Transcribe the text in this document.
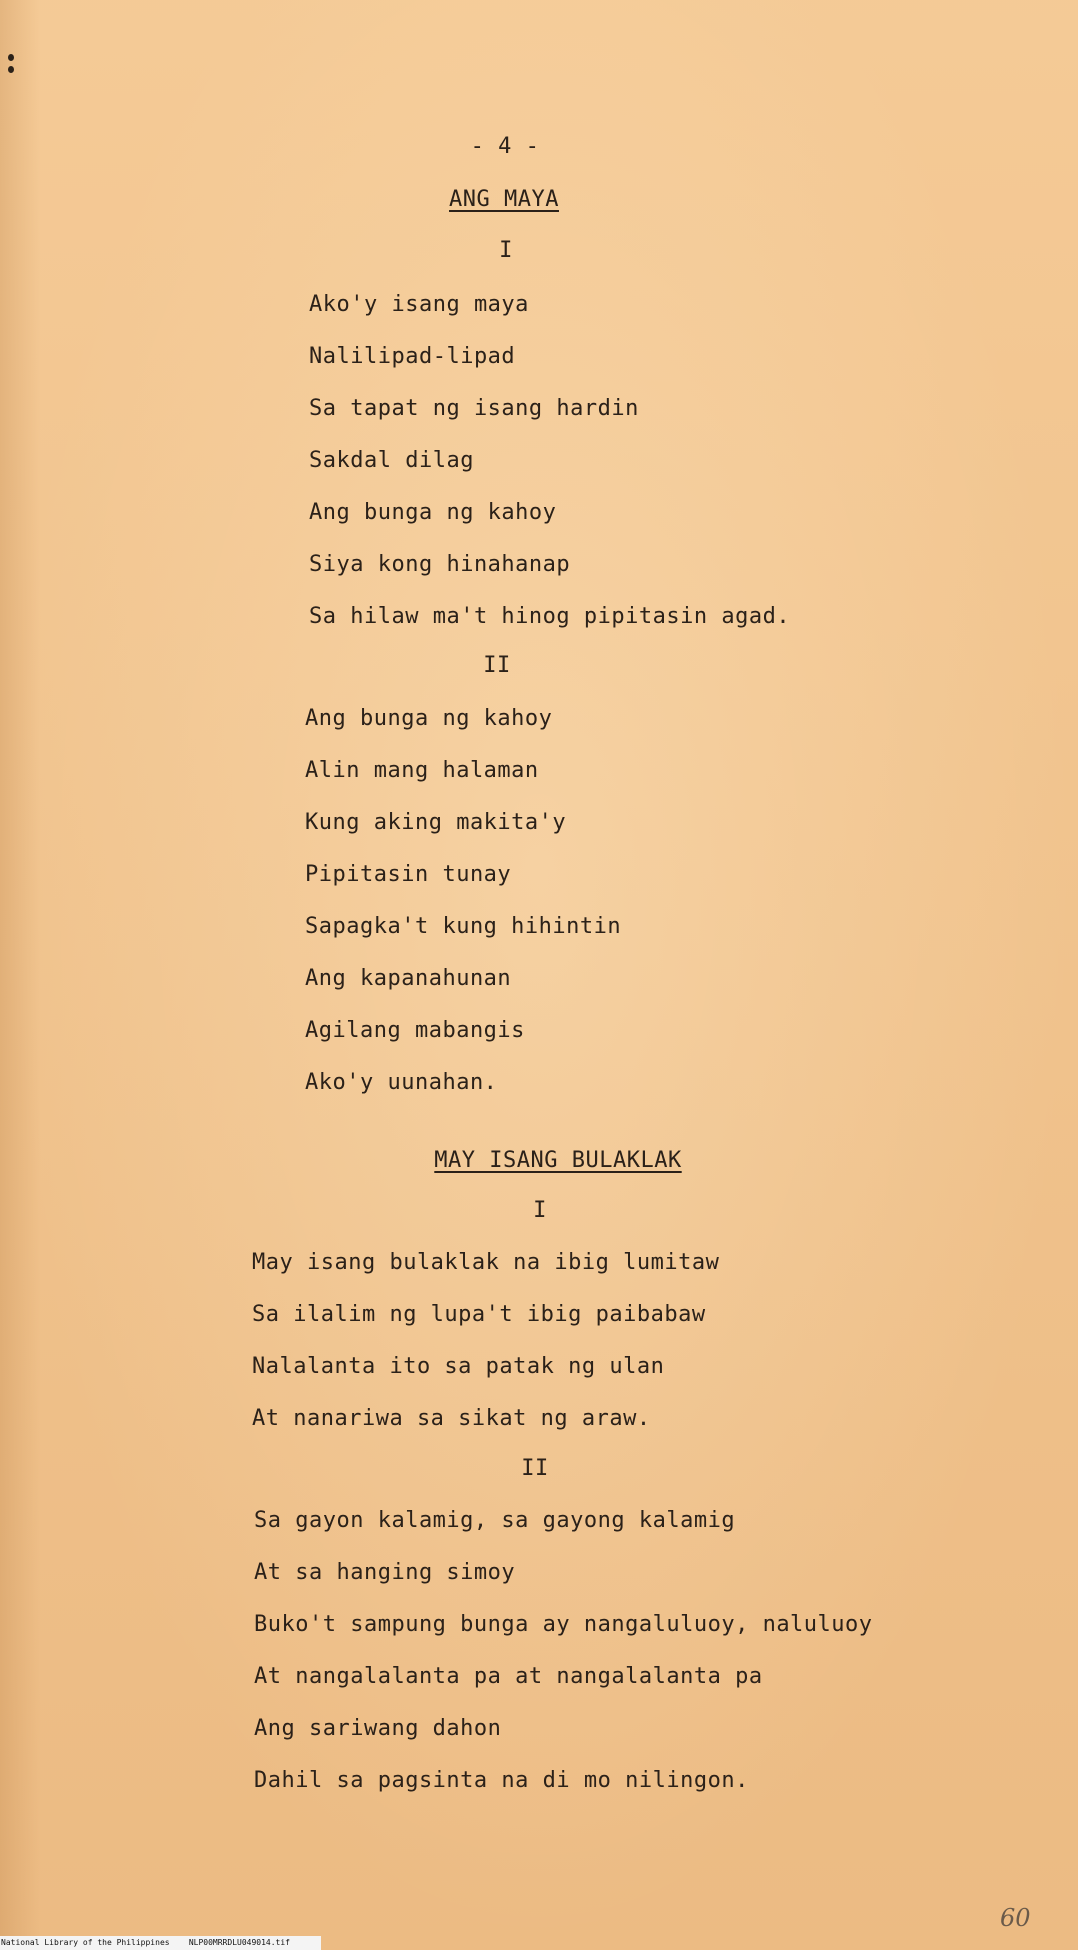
- 4 -
ANG MAYA
I
Ako'y isang maya
Nalilipad-lipad
Sa tapat ng isang hardin
Sakdal dilag
Ang bunga ng kahoy
Siya kong hinahanap
Sa hilaw ma't hinog pipitasin agad.
II
Ang bunga ng kahoy
Alin mang halaman
Kung aking makita'y
Pipitasin tunay
Sapagka't kung hihintin
Ang kapanahunan
Agilang mabangis
Ako'y uunahan.
MAY ISANG BULAKLAK
I
May isang bulaklak na ibig lumitaw
Sa ilalim ng lupa't ibig paibabaw
Nalalanta ito sa patak ng ulan
At nanariwa sa sikat ng araw.
II
Sa gayon kalamig, sa gayong kalamig
At sa hanging simoy
Buko't sampung bunga ay nangaluluoy, naluluoy
At nangalalanta pa at nangalalanta pa
Ang sariwang dahon
Dahil sa pagsinta na di mo nilingon.
60
National Library of the Philippines    NLP00MRRDLU049014.tif
